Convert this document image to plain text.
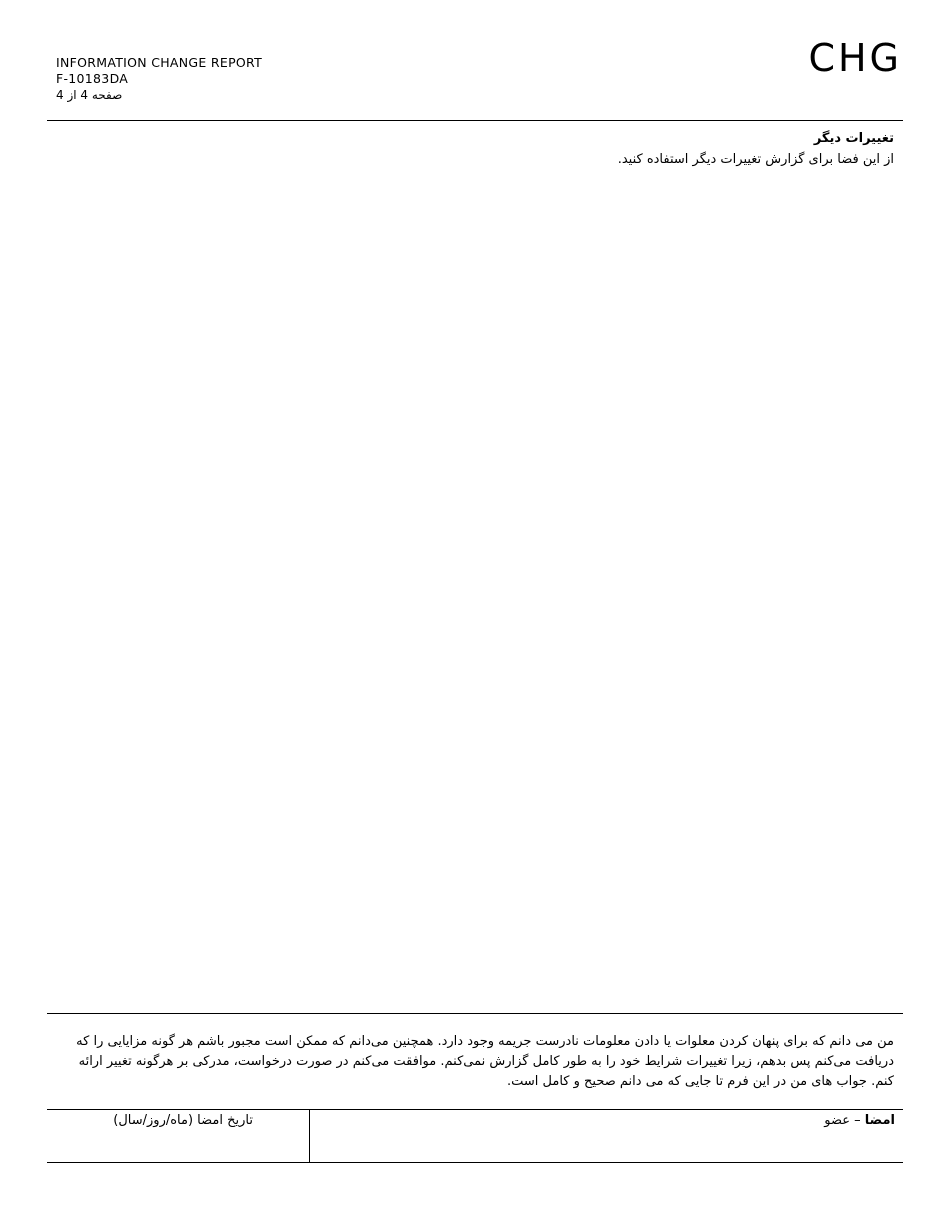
INFORMATION CHANGE REPORT
F-10183DA
صفحه 4 از 4
CHG
تغییرات دیگر
از این فضا برای گزارش تغییرات دیگر استفاده کنید.
من می دانم که برای پنهان کردن معلوات یا دادن معلومات نادرست جریمه وجود دارد. همچنین می‌دانم که ممکن است مجبور باشم هر گونه مزایایی را که دریافت می‌کنم پس بدهم، زیرا تغییرات شرایط خود را به طور کامل گزارش نمی‌کنم. موافقت می‌کنم در صورت درخواست، مدرکی بر هرگونه تغییر ارائه کنم. جواب های من در این فرم تا جایی که می دانم صحیح و کامل است.
امضا – عضو
تاریخ امضا (ماه/روز/سال)
